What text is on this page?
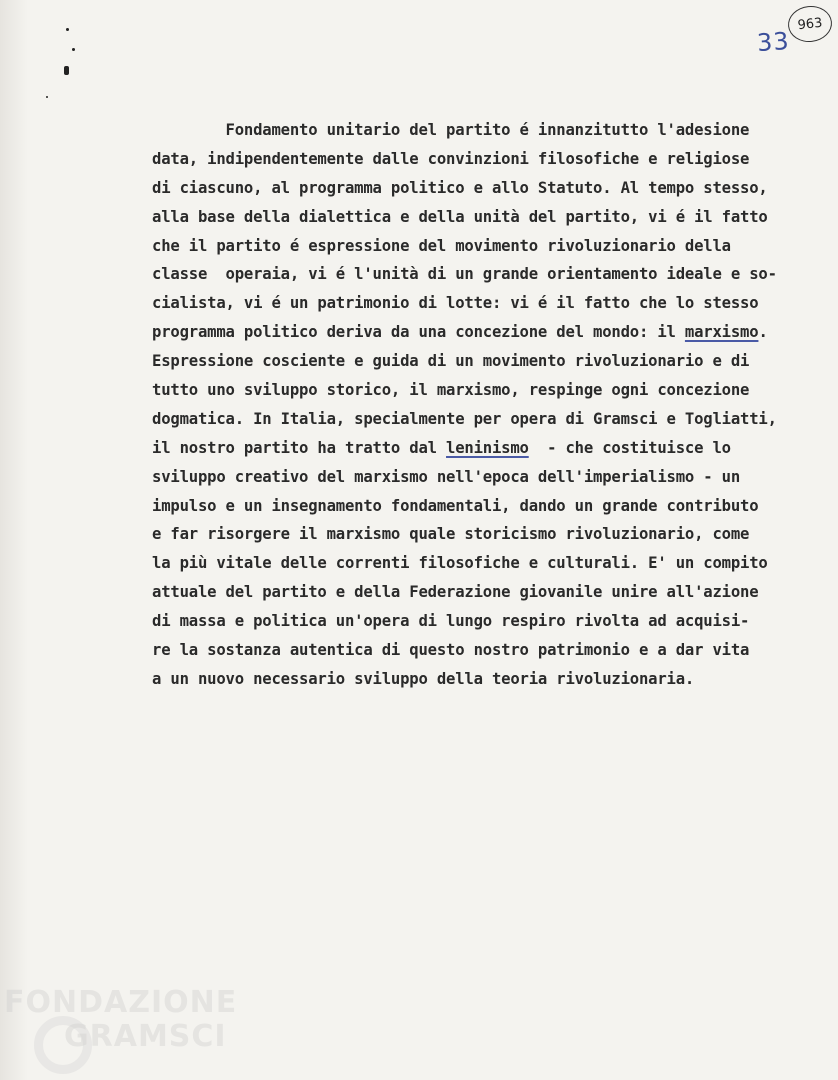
33
963
Fondamento unitario del partito é innanzitutto l'adesione
data, indipendentemente dalle convinzioni filosofiche e religiose
di ciascuno, al programma politico e allo Statuto. Al tempo stesso,
alla base della dialettica e della unità del partito, vi é il fatto
che il partito é espressione del movimento rivoluzionario della
classe  operaia, vi é l'unità di un grande orientamento ideale e so-
cialista, vi é un patrimonio di lotte: vi é il fatto che lo stesso
programma politico deriva da una concezione del mondo: il marxismo.
Espressione cosciente e guida di un movimento rivoluzionario e di
tutto uno sviluppo storico, il marxismo, respinge ogni concezione
dogmatica. In Italia, specialmente per opera di Gramsci e Togliatti,
il nostro partito ha tratto dal leninismo  - che costituisce lo
sviluppo creativo del marxismo nell'epoca dell'imperialismo - un
impulso e un insegnamento fondamentali, dando un grande contributo
e far risorgere il marxismo quale storicismo rivoluzionario, come
la più vitale delle correnti filosofiche e culturali. E' un compito
attuale del partito e della Federazione giovanile unire all'azione
di massa e politica un'opera di lungo respiro rivolta ad acquisi-
re la sostanza autentica di questo nostro patrimonio e a dar vita
a un nuovo necessario sviluppo della teoria rivoluzionaria.
FONDAZIONE
GRAMSCI
